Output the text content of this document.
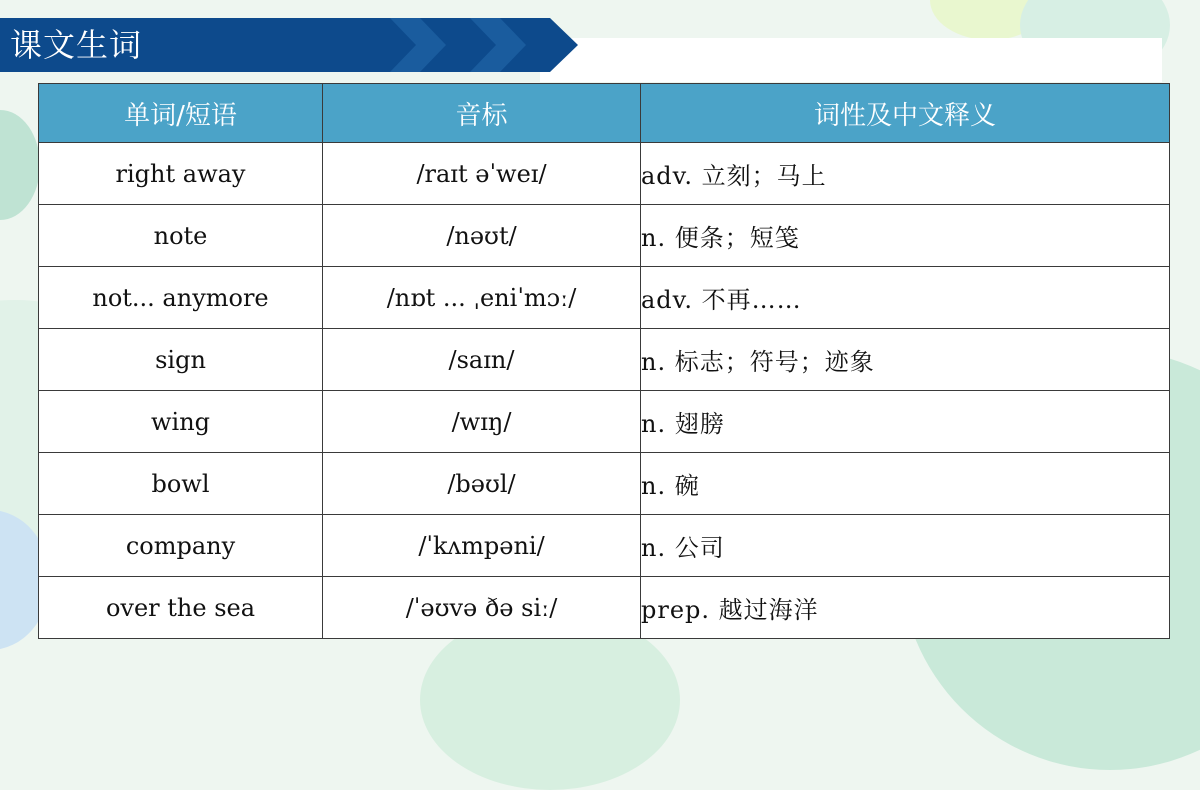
课文生词
单词/短语	音标	词性及中文释义
right away	/raɪt əˈweɪ/	adv. 立刻；马上
note	/nəʊt/	n. 便条；短笺
not... anymore	/nɒt ... ˌeniˈmɔː/	adv. 不再……
sign	/saɪn/	n. 标志；符号；迹象
wing	/wɪŋ/	n. 翅膀
bowl	/bəʊl/	n. 碗
company	/ˈkʌmpəni/	n. 公司
over the sea	/ˈəʊvə ðə siː/	prep. 越过海洋
